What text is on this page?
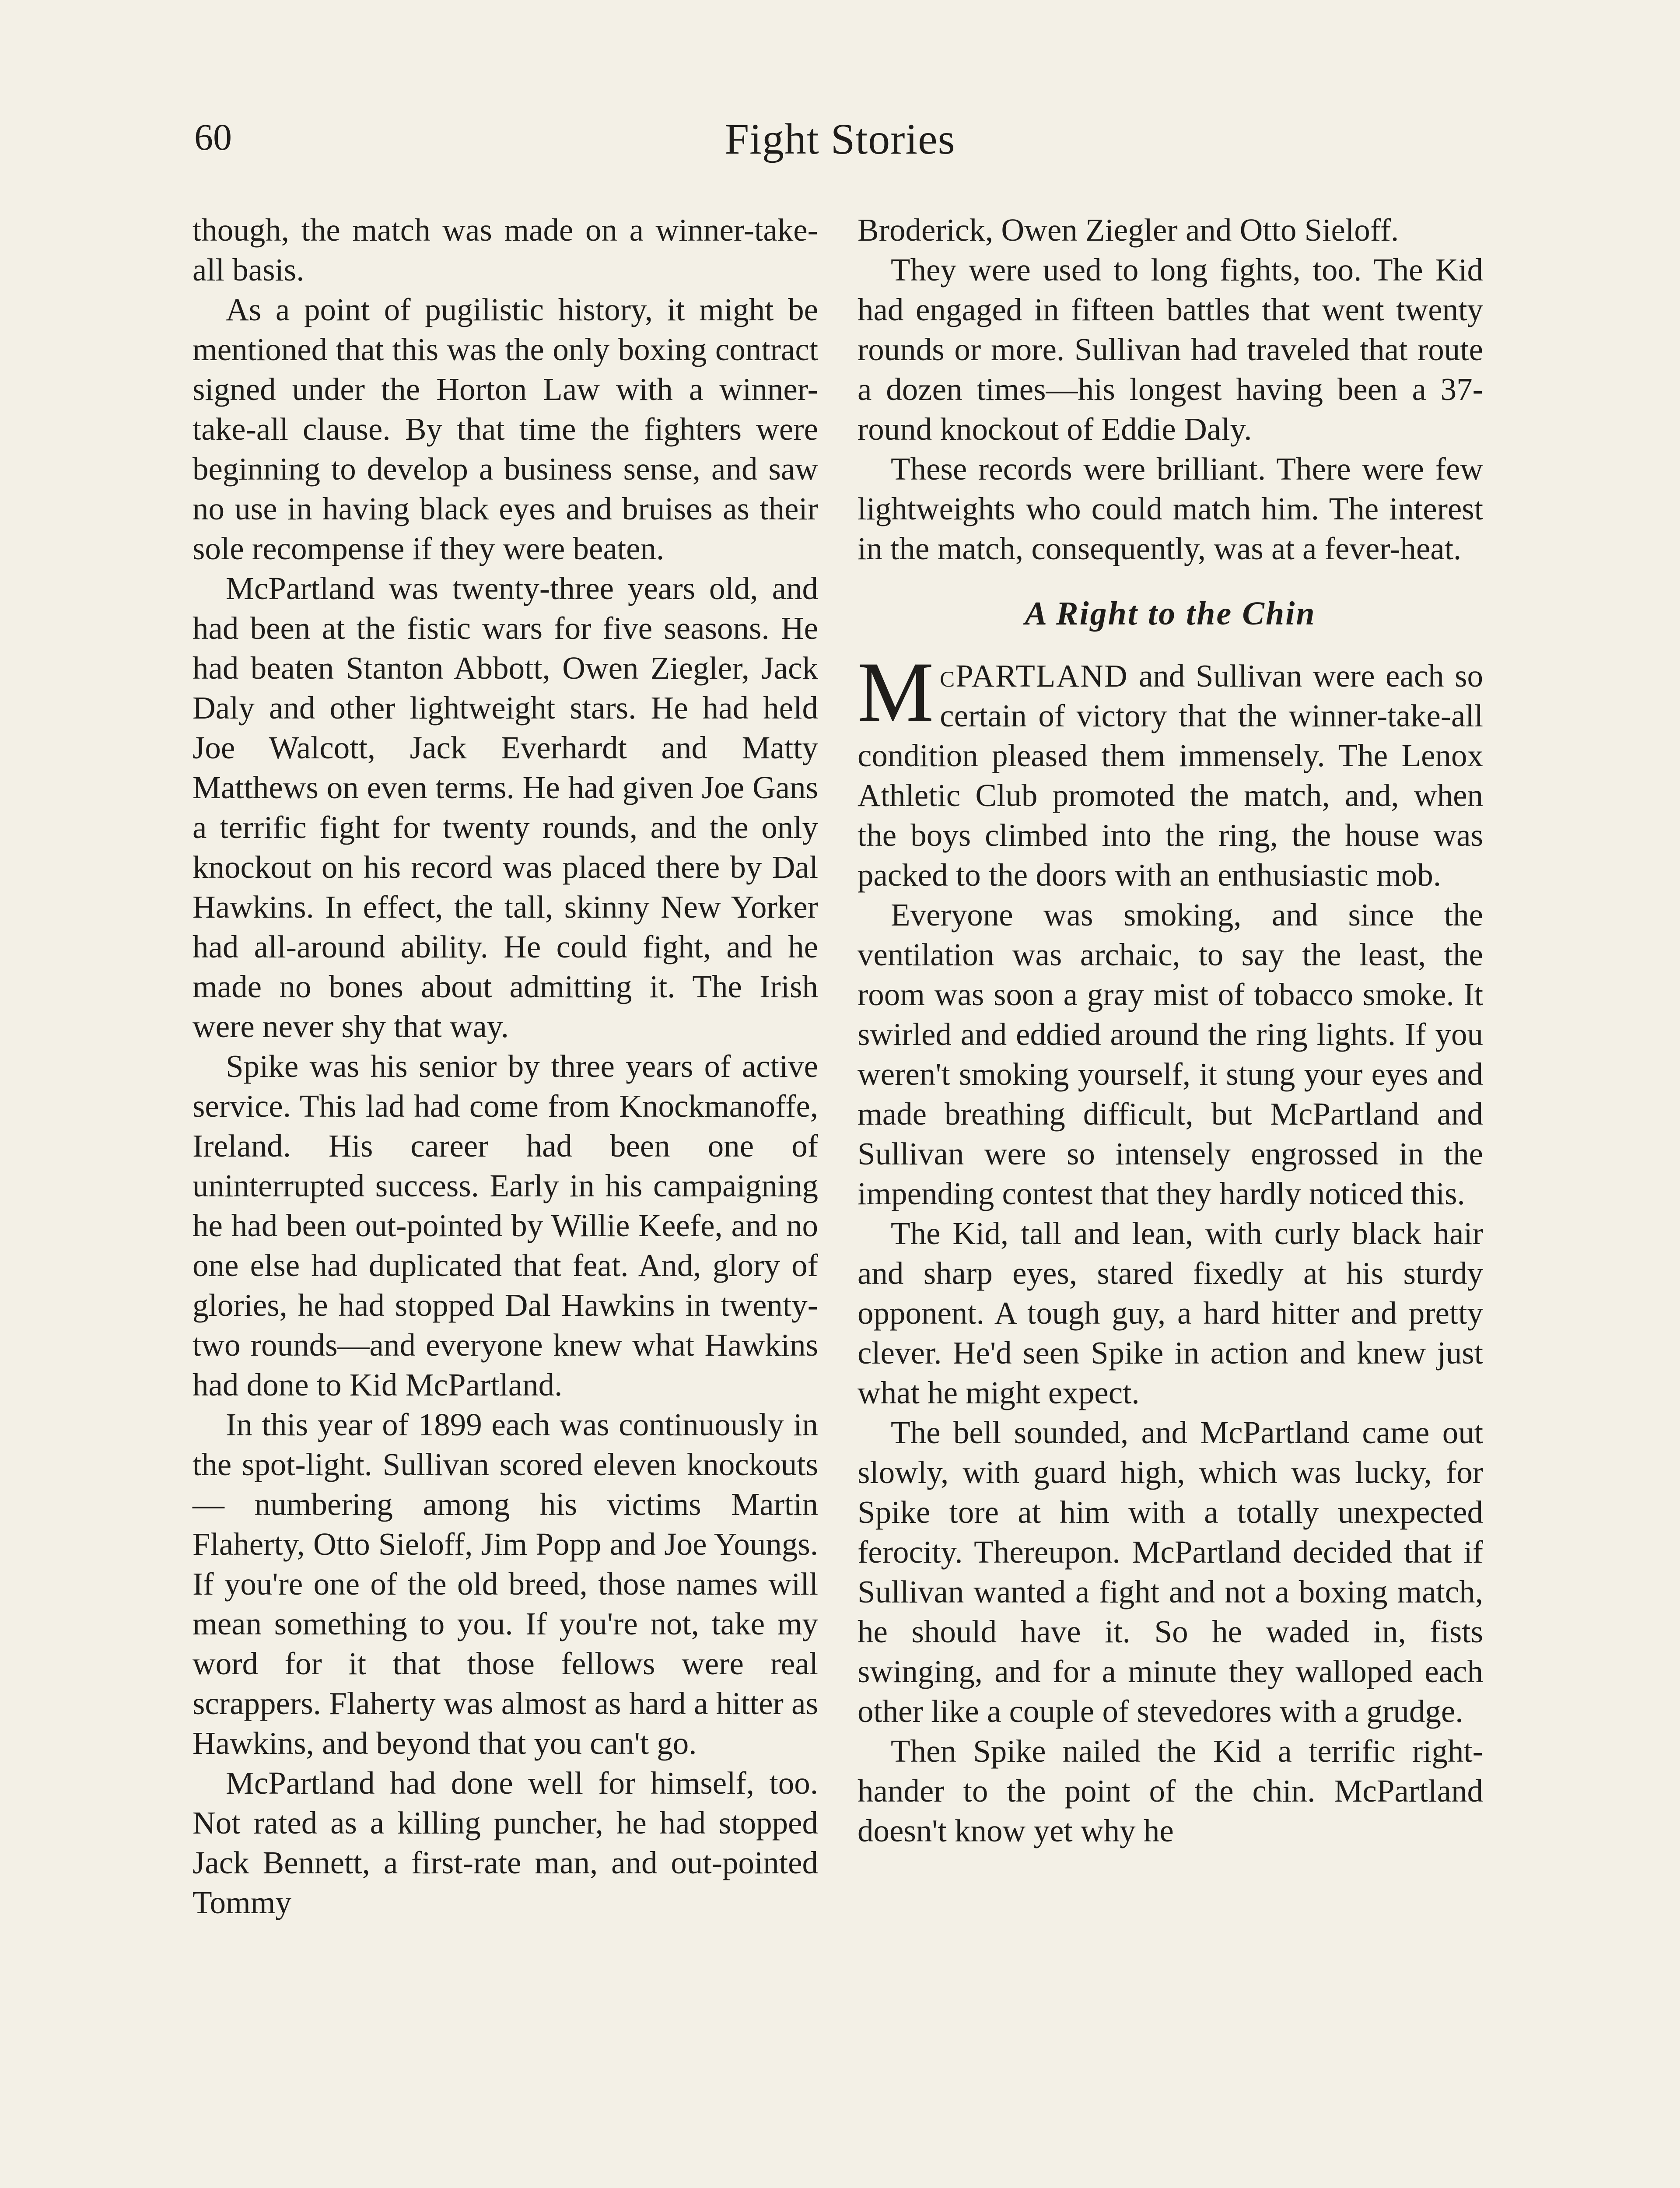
60	Fight Stories

though, the match was made on a winner-take-all basis.

As a point of pugilistic history, it might be mentioned that this was the only boxing contract signed under the Horton Law with a winner-take-all clause. By that time the fighters were beginning to develop a business sense, and saw no use in having black eyes and bruises as their sole recompense if they were beaten.

McPartland was twenty-three years old, and had been at the fistic wars for five seasons. He had beaten Stanton Abbott, Owen Ziegler, Jack Daly and other lightweight stars. He had held Joe Walcott, Jack Everhardt and Matty Matthews on even terms. He had given Joe Gans a terrific fight for twenty rounds, and the only knockout on his record was placed there by Dal Hawkins. In effect, the tall, skinny New Yorker had all-around ability. He could fight, and he made no bones about admitting it. The Irish were never shy that way.

Spike was his senior by three years of active service. This lad had come from Knockmanoffe, Ireland. His career had been one of uninterrupted success. Early in his campaigning he had been out-pointed by Willie Keefe, and no one else had duplicated that feat. And, glory of glories, he had stopped Dal Hawkins in twenty-two rounds—and everyone knew what Hawkins had done to Kid McPartland.

In this year of 1899 each was continuously in the spot-light. Sullivan scored eleven knockouts — numbering among his victims Martin Flaherty, Otto Sieloff, Jim Popp and Joe Youngs. If you're one of the old breed, those names will mean something to you. If you're not, take my word for it that those fellows were real scrappers. Flaherty was almost as hard a hitter as Hawkins, and beyond that you can't go.

McPartland had done well for himself, too. Not rated as a killing puncher, he had stopped Jack Bennett, a first-rate man, and out-pointed Tommy

Broderick, Owen Ziegler and Otto Sieloff.

They were used to long fights, too. The Kid had engaged in fifteen battles that went twenty rounds or more. Sullivan had traveled that route a dozen times—his longest having been a 37-round knockout of Eddie Daly.

These records were brilliant. There were few lightweights who could match him. The interest in the match, consequently, was at a fever-heat.

A Right to the Chin

McPARTLAND and Sullivan were each so certain of victory that the winner-take-all condition pleased them immensely. The Lenox Athletic Club promoted the match, and, when the boys climbed into the ring, the house was packed to the doors with an enthusiastic mob.

Everyone was smoking, and since the ventilation was archaic, to say the least, the room was soon a gray mist of tobacco smoke. It swirled and eddied around the ring lights. If you weren't smoking yourself, it stung your eyes and made breathing difficult, but McPartland and Sullivan were so intensely engrossed in the impending contest that they hardly noticed this.

The Kid, tall and lean, with curly black hair and sharp eyes, stared fixedly at his sturdy opponent. A tough guy, a hard hitter and pretty clever. He'd seen Spike in action and knew just what he might expect.

The bell sounded, and McPartland came out slowly, with guard high, which was lucky, for Spike tore at him with a totally unexpected ferocity. Thereupon. McPartland decided that if Sullivan wanted a fight and not a boxing match, he should have it. So he waded in, fists swinging, and for a minute they walloped each other like a couple of stevedores with a grudge.

Then Spike nailed the Kid a terrific right-hander to the point of the chin. McPartland doesn't know yet why he
